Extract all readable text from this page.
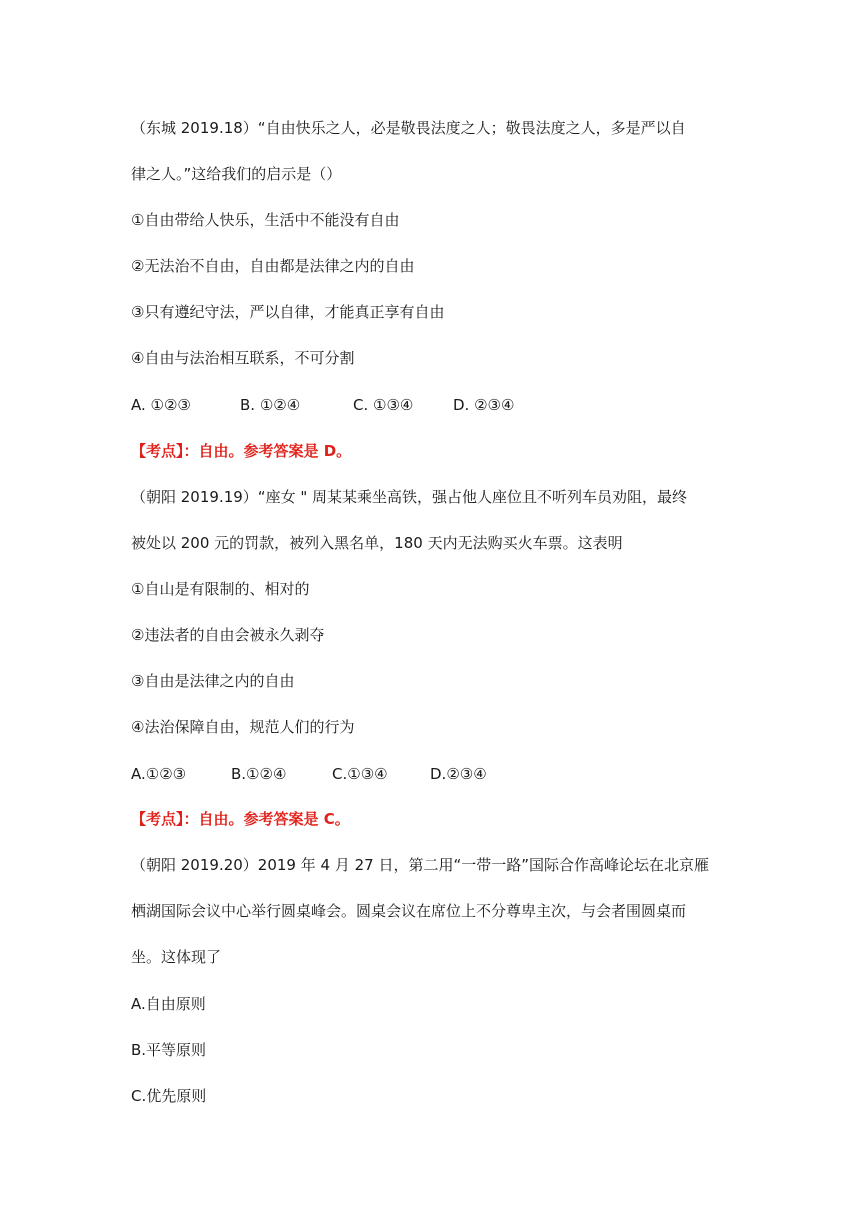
（东城 2019.18）“自由快乐之人，必是敬畏法度之人；敬畏法度之人，多是严以自
律之人。”这给我们的启示是（）
①自由带给人快乐，生活中不能没有自由
②无法治不自由，自由都是法律之内的自由
③只有遵纪守法，严以自律，才能真正享有自由
④自由与法治相互联系，不可分割
A. ①②③	B. ①②④	C. ①③④	D. ②③④
【考点】：自由。参考答案是 D。
（朝阳 2019.19）“座女 " 周某某乘坐高铁，强占他人座位且不听列车员劝阻，最终
被处以 200 元的罚款，被列入黑名单，180 天内无法购买火车票。这表明
①自山是有限制的、相对的
②违法者的自由会被永久剥夺
③自由是法律之内的自由
④法治保障自由，规范人们的行为
A.①②③	B.①②④	C.①③④	D.②③④
【考点】：自由。参考答案是 C。
（朝阳 2019.20）2019 年 4 月 27 日，第二用“一带一路”国际合作高峰论坛在北京雁
栖湖国际会议中心举行圆桌峰会。圆桌会议在席位上不分尊卑主次，与会者围圆桌而
坐。这体现了
A.自由原则
B.平等原则
C.优先原则
